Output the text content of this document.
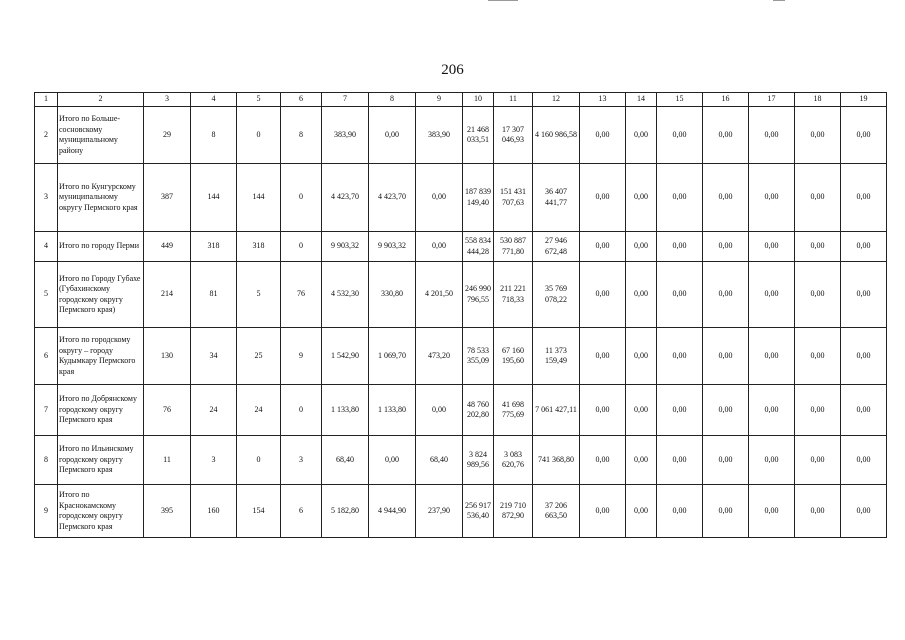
206
1	2	3	4	5	6	7	8	9	10	11	12	13	14	15	16	17	18	19
2	Итого по Больше-сосновскому муниципальному району	29	8	0	8	383,90	0,00	383,90	21 468 033,51	17 307 046,93	4 160 986,58	0,00	0,00	0,00	0,00	0,00	0,00	0,00
3	Итого по Кунгурскому муниципальному округу Пермского края	387	144	144	0	4 423,70	4 423,70	0,00	187 839 149,40	151 431 707,63	36 407 441,77	0,00	0,00	0,00	0,00	0,00	0,00	0,00
4	Итого по городу Перми	449	318	318	0	9 903,32	9 903,32	0,00	558 834 444,28	530 887 771,80	27 946 672,48	0,00	0,00	0,00	0,00	0,00	0,00	0,00
5	Итого по Городу Губахе (Губахинскому городскому округу Пермского края)	214	81	5	76	4 532,30	330,80	4 201,50	246 990 796,55	211 221 718,33	35 769 078,22	0,00	0,00	0,00	0,00	0,00	0,00	0,00
6	Итого по городскому округу – городу Кудымкару Пермского края	130	34	25	9	1 542,90	1 069,70	473,20	78 533 355,09	67 160 195,60	11 373 159,49	0,00	0,00	0,00	0,00	0,00	0,00	0,00
7	Итого по Добрянскому городскому округу Пермского края	76	24	24	0	1 133,80	1 133,80	0,00	48 760 202,80	41 698 775,69	7 061 427,11	0,00	0,00	0,00	0,00	0,00	0,00	0,00
8	Итого по Ильинскому городскому округу Пермского края	11	3	0	3	68,40	0,00	68,40	3 824 989,56	3 083 620,76	741 368,80	0,00	0,00	0,00	0,00	0,00	0,00	0,00
9	Итого по Краснокамскому городскому округу Пермского края	395	160	154	6	5 182,80	4 944,90	237,90	256 917 536,40	219 710 872,90	37 206 663,50	0,00	0,00	0,00	0,00	0,00	0,00	0,00
